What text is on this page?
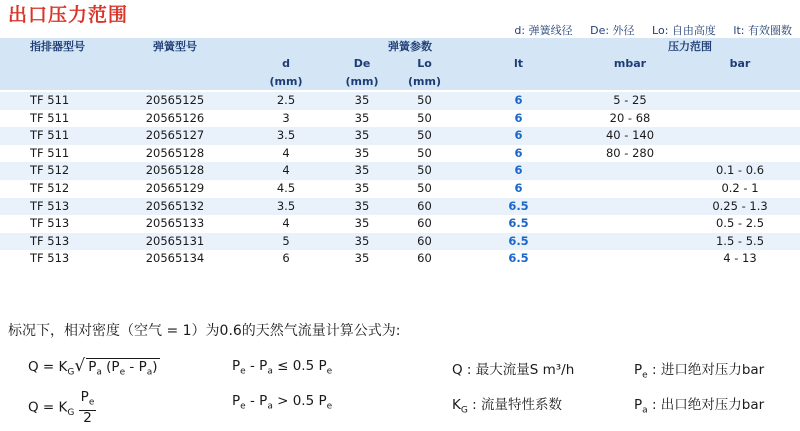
出口压力范围
d: 弹簧线径 De: 外径 Lo: 自由高度 lt: 有效圈数
指排器型号	弹簧型号	弹簧参数				压力范围	
		d	De	Lo	lt	mbar	bar
		(mm)	(mm)	(mm)			
TF 511	20565125	2.5	35	50	6	5 - 25	
TF 511	20565126	3	35	50	6	20 - 68	
TF 511	20565127	3.5	35	50	6	40 - 140	
TF 511	20565128	4	35	50	6	80 - 280	
TF 512	20565128	4	35	50	6		0.1 - 0.6
TF 512	20565129	4.5	35	50	6		0.2 - 1
TF 513	20565132	3.5	35	60	6.5		0.25 - 1.3
TF 513	20565133	4	35	60	6.5		0.5 - 2.5
TF 513	20565131	5	35	60	6.5		1.5 - 5.5
TF 513	20565134	6	35	60	6.5		4 - 13
标况下，相对密度（空气 = 1）为0.6的天然气流量计算公式为:
$Q = K_G√$ $P_a$ $(P_e - P_a)$
$Q = K_G \frac{P_e}{2}$
$P_e - P_a \le 0.5$ $P_e$
$P_e - P_a > 0.5$ $P_e$
Q : 最大流量S m³/h
$K_G$ : 流量特性系数
$P_e$ : 进口绝对压力bar
$P_a$ : 出口绝对压力bar
